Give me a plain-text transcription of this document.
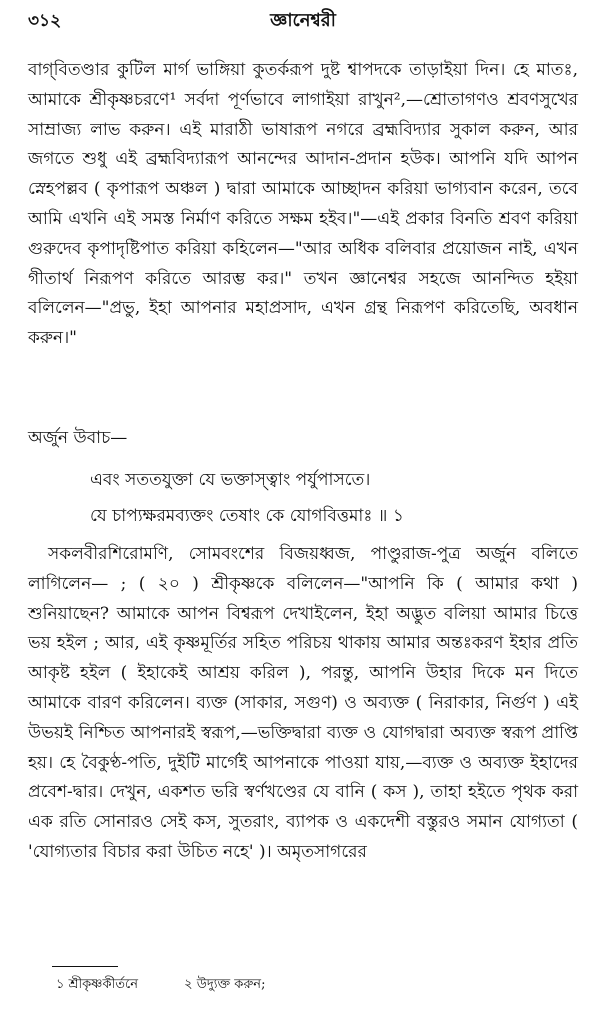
৩১২	জ্ঞানেশ্বরী

বাগ্‌বিতণ্ডার কুটিল মার্গ ভাঙ্গিয়া কুতর্করূপ দুষ্ট শ্বাপদকে তাড়াইয়া দিন। হে মাতঃ, আমাকে শ্রীকৃষ্ণচরণে¹ সর্বদা পূর্ণভাবে লাগাইয়া রাখুন²,—শ্রোতাগণও শ্রবণসুখের সাম্রাজ্য লাভ করুন। এই মারাঠী ভাষারূপ নগরে ব্রহ্মবিদ্যার সুকাল করুন, আর জগতে শুধু এই ব্রহ্মবিদ্যারূপ আনন্দের আদান-প্রদান হউক। আপনি যদি আপন স্নেহপল্লব ( কৃপারূপ অঞ্চল ) দ্বারা আমাকে আচ্ছাদন করিয়া ভাগ্যবান করেন, তবে আমি এখনি এই সমস্ত নির্মাণ করিতে সক্ষম হইব।"—এই প্রকার বিনতি শ্রবণ করিয়া গুরুদেব কৃপাদৃষ্টিপাত করিয়া কহিলেন—"আর অধিক বলিবার প্রয়োজন নাই, এখন গীতার্থ নিরূপণ করিতে আরম্ভ কর।" তখন জ্ঞানেশ্বর সহজে আনন্দিত হইয়া বলিলেন—"প্রভু, ইহা আপনার মহাপ্রসাদ, এখন গ্রন্থ নিরূপণ করিতেছি, অবধান করুন।"

অর্জুন উবাচ—

এবং সততযুক্তা যে ভক্তাস্ত্বাং পর্যুপাসতে।
যে চাপ্যক্ষরমব্যক্তং তেষাং কে যোগবিত্তমাঃ ॥ ১

সকলবীরশিরোমণি, সোমবংশের বিজয়ধ্বজ, পাণ্ডুরাজ-পুত্র অর্জুন বলিতে লাগিলেন— ; ( ২০ ) শ্রীকৃষ্ণকে বলিলেন—"আপনি কি ( আমার কথা ) শুনিয়াছেন? আমাকে আপন বিশ্বরূপ দেখাইলেন, ইহা অদ্ভুত বলিয়া আমার চিত্তে ভয় হইল ; আর, এই কৃষ্ণমূর্তির সহিত পরিচয় থাকায় আমার অন্তঃকরণ ইহার প্রতি আকৃষ্ট হইল ( ইহাকেই আশ্রয় করিল ), পরন্তু, আপনি উহার দিকে মন দিতে আমাকে বারণ করিলেন। ব্যক্ত (সাকার, সগুণ) ও অব্যক্ত ( নিরাকার, নির্গুণ ) এই উভয়ই নিশ্চিত আপনারই স্বরূপ,—ভক্তিদ্বারা ব্যক্ত ও যোগদ্বারা অব্যক্ত স্বরূপ প্রাপ্তি হয়। হে বৈকুণ্ঠ-পতি, দুইটি মার্গেই আপনাকে পাওয়া যায়,—ব্যক্ত ও অব্যক্ত ইহাদের প্রবেশ-দ্বার। দেখুন, একশত ভরি স্বর্ণখণ্ডের যে বানি ( কস ), তাহা হইতে পৃথক করা এক রতি সোনারও সেই কস, সুতরাং, ব্যাপক ও একদেশী বস্তুরও সমান যোগ্যতা ( 'যোগ্যতার বিচার করা উচিত নহে' )। অমৃতসাগরের

১ শ্রীকৃষ্ণকীর্তনে	২ উদ্যুক্ত করুন;
